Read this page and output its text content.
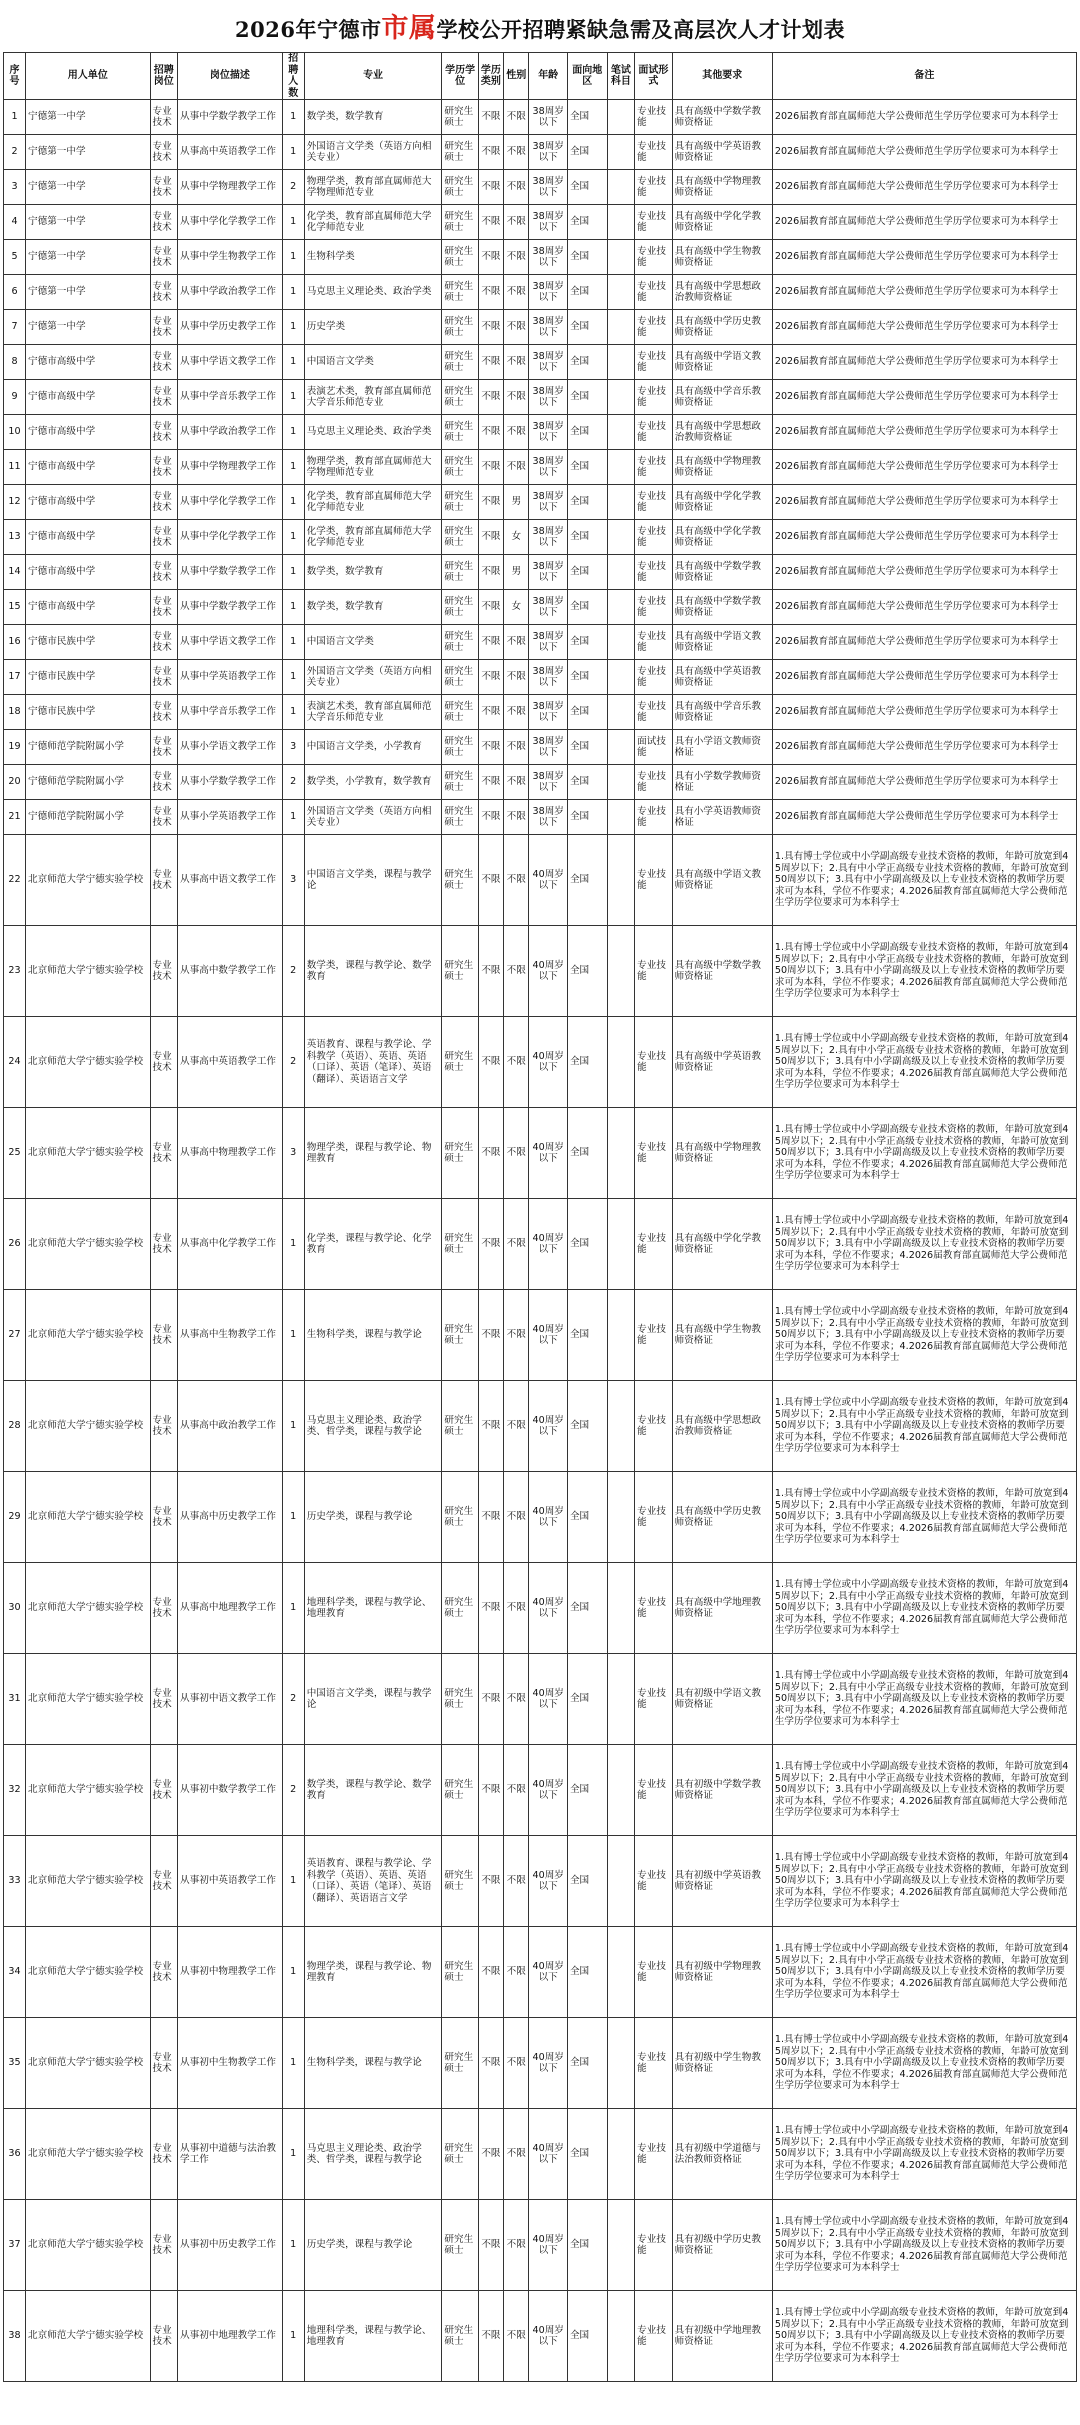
2026年宁德市市属学校公开招聘紧缺急需及高层次人才计划表
序号	用人单位	招聘岗位	岗位描述	招聘人数	专业	学历学位	学历类别	性别	年龄	面向地区	笔试科目	面试形式	其他要求	备注
1	宁德第一中学	专业技术	从事中学数学教学工作	1	数学类，数学教育	研究生硕士	不限	不限	38周岁以下	全国		专业技能	具有高级中学数学教师资格证	2026届教育部直属师范大学公费师范生学历学位要求可为本科学士
2	宁德第一中学	专业技术	从事高中英语教学工作	1	外国语言文学类（英语方向相关专业）	研究生硕士	不限	不限	38周岁以下	全国		专业技能	具有高级中学英语教师资格证	2026届教育部直属师范大学公费师范生学历学位要求可为本科学士
3	宁德第一中学	专业技术	从事中学物理教学工作	2	物理学类，教育部直属师范大学物理师范专业	研究生硕士	不限	不限	38周岁以下	全国		专业技能	具有高级中学物理教师资格证	2026届教育部直属师范大学公费师范生学历学位要求可为本科学士
4	宁德第一中学	专业技术	从事中学化学教学工作	1	化学类，教育部直属师范大学化学师范专业	研究生硕士	不限	不限	38周岁以下	全国		专业技能	具有高级中学化学教师资格证	2026届教育部直属师范大学公费师范生学历学位要求可为本科学士
5	宁德第一中学	专业技术	从事中学生物教学工作	1	生物科学类	研究生硕士	不限	不限	38周岁以下	全国		专业技能	具有高级中学生物教师资格证	2026届教育部直属师范大学公费师范生学历学位要求可为本科学士
6	宁德第一中学	专业技术	从事中学政治教学工作	1	马克思主义理论类、政治学类	研究生硕士	不限	不限	38周岁以下	全国		专业技能	具有高级中学思想政治教师资格证	2026届教育部直属师范大学公费师范生学历学位要求可为本科学士
7	宁德第一中学	专业技术	从事中学历史教学工作	1	历史学类	研究生硕士	不限	不限	38周岁以下	全国		专业技能	具有高级中学历史教师资格证	2026届教育部直属师范大学公费师范生学历学位要求可为本科学士
8	宁德市高级中学	专业技术	从事中学语文教学工作	1	中国语言文学类	研究生硕士	不限	不限	38周岁以下	全国		专业技能	具有高级中学语文教师资格证	2026届教育部直属师范大学公费师范生学历学位要求可为本科学士
9	宁德市高级中学	专业技术	从事中学音乐教学工作	1	表演艺术类，教育部直属师范大学音乐师范专业	研究生硕士	不限	不限	38周岁以下	全国		专业技能	具有高级中学音乐教师资格证	2026届教育部直属师范大学公费师范生学历学位要求可为本科学士
10	宁德市高级中学	专业技术	从事中学政治教学工作	1	马克思主义理论类、政治学类	研究生硕士	不限	不限	38周岁以下	全国		专业技能	具有高级中学思想政治教师资格证	2026届教育部直属师范大学公费师范生学历学位要求可为本科学士
11	宁德市高级中学	专业技术	从事中学物理教学工作	1	物理学类，教育部直属师范大学物理师范专业	研究生硕士	不限	不限	38周岁以下	全国		专业技能	具有高级中学物理教师资格证	2026届教育部直属师范大学公费师范生学历学位要求可为本科学士
12	宁德市高级中学	专业技术	从事中学化学教学工作	1	化学类，教育部直属师范大学化学师范专业	研究生硕士	不限	男	38周岁以下	全国		专业技能	具有高级中学化学教师资格证	2026届教育部直属师范大学公费师范生学历学位要求可为本科学士
13	宁德市高级中学	专业技术	从事中学化学教学工作	1	化学类，教育部直属师范大学化学师范专业	研究生硕士	不限	女	38周岁以下	全国		专业技能	具有高级中学化学教师资格证	2026届教育部直属师范大学公费师范生学历学位要求可为本科学士
14	宁德市高级中学	专业技术	从事中学数学教学工作	1	数学类，数学教育	研究生硕士	不限	男	38周岁以下	全国		专业技能	具有高级中学数学教师资格证	2026届教育部直属师范大学公费师范生学历学位要求可为本科学士
15	宁德市高级中学	专业技术	从事中学数学教学工作	1	数学类，数学教育	研究生硕士	不限	女	38周岁以下	全国		专业技能	具有高级中学数学教师资格证	2026届教育部直属师范大学公费师范生学历学位要求可为本科学士
16	宁德市民族中学	专业技术	从事中学语文教学工作	1	中国语言文学类	研究生硕士	不限	不限	38周岁以下	全国		专业技能	具有高级中学语文教师资格证	2026届教育部直属师范大学公费师范生学历学位要求可为本科学士
17	宁德市民族中学	专业技术	从事中学英语教学工作	1	外国语言文学类（英语方向相关专业）	研究生硕士	不限	不限	38周岁以下	全国		专业技能	具有高级中学英语教师资格证	2026届教育部直属师范大学公费师范生学历学位要求可为本科学士
18	宁德市民族中学	专业技术	从事中学音乐教学工作	1	表演艺术类，教育部直属师范大学音乐师范专业	研究生硕士	不限	不限	38周岁以下	全国		专业技能	具有高级中学音乐教师资格证	2026届教育部直属师范大学公费师范生学历学位要求可为本科学士
19	宁德师范学院附属小学	专业技术	从事小学语文教学工作	3	中国语言文学类，小学教育	研究生硕士	不限	不限	38周岁以下	全国		面试技能	具有小学语文教师资格证	2026届教育部直属师范大学公费师范生学历学位要求可为本科学士
20	宁德师范学院附属小学	专业技术	从事小学数学教学工作	2	数学类，小学教育，数学教育	研究生硕士	不限	不限	38周岁以下	全国		专业技能	具有小学数学教师资格证	2026届教育部直属师范大学公费师范生学历学位要求可为本科学士
21	宁德师范学院附属小学	专业技术	从事小学英语教学工作	1	外国语言文学类（英语方向相关专业）	研究生硕士	不限	不限	38周岁以下	全国		专业技能	具有小学英语教师资格证	2026届教育部直属师范大学公费师范生学历学位要求可为本科学士
22	北京师范大学宁德实验学校	专业技术	从事高中语文教学工作	3	中国语言文学类，课程与教学论	研究生硕士	不限	不限	40周岁以下	全国		专业技能	具有高级中学语文教师资格证	1.具有博士学位或中小学副高级专业技术资格的教师，年龄可放宽到45周岁以下；2.具有中小学正高级专业技术资格的教师，年龄可放宽到50周岁以下；3.具有中小学副高级及以上专业技术资格的教师学历要求可为本科，学位不作要求；4.2026届教育部直属师范大学公费师范生学历学位要求可为本科学士
23	北京师范大学宁德实验学校	专业技术	从事高中数学教学工作	2	数学类，课程与教学论、数学教育	研究生硕士	不限	不限	40周岁以下	全国		专业技能	具有高级中学数学教师资格证	1.具有博士学位或中小学副高级专业技术资格的教师，年龄可放宽到45周岁以下；2.具有中小学正高级专业技术资格的教师，年龄可放宽到50周岁以下；3.具有中小学副高级及以上专业技术资格的教师学历要求可为本科，学位不作要求；4.2026届教育部直属师范大学公费师范生学历学位要求可为本科学士
24	北京师范大学宁德实验学校	专业技术	从事高中英语教学工作	2	英语教育、课程与教学论、学科教学（英语）、英语、英语（口译）、英语（笔译）、英语（翻译）、英语语言文学	研究生硕士	不限	不限	40周岁以下	全国		专业技能	具有高级中学英语教师资格证	1.具有博士学位或中小学副高级专业技术资格的教师，年龄可放宽到45周岁以下；2.具有中小学正高级专业技术资格的教师，年龄可放宽到50周岁以下；3.具有中小学副高级及以上专业技术资格的教师学历要求可为本科，学位不作要求；4.2026届教育部直属师范大学公费师范生学历学位要求可为本科学士
25	北京师范大学宁德实验学校	专业技术	从事高中物理教学工作	3	物理学类，课程与教学论、物理教育	研究生硕士	不限	不限	40周岁以下	全国		专业技能	具有高级中学物理教师资格证	1.具有博士学位或中小学副高级专业技术资格的教师，年龄可放宽到45周岁以下；2.具有中小学正高级专业技术资格的教师，年龄可放宽到50周岁以下；3.具有中小学副高级及以上专业技术资格的教师学历要求可为本科，学位不作要求；4.2026届教育部直属师范大学公费师范生学历学位要求可为本科学士
26	北京师范大学宁德实验学校	专业技术	从事高中化学教学工作	1	化学类，课程与教学论、化学教育	研究生硕士	不限	不限	40周岁以下	全国		专业技能	具有高级中学化学教师资格证	1.具有博士学位或中小学副高级专业技术资格的教师，年龄可放宽到45周岁以下；2.具有中小学正高级专业技术资格的教师，年龄可放宽到50周岁以下；3.具有中小学副高级及以上专业技术资格的教师学历要求可为本科，学位不作要求；4.2026届教育部直属师范大学公费师范生学历学位要求可为本科学士
27	北京师范大学宁德实验学校	专业技术	从事高中生物教学工作	1	生物科学类，课程与教学论	研究生硕士	不限	不限	40周岁以下	全国		专业技能	具有高级中学生物教师资格证	1.具有博士学位或中小学副高级专业技术资格的教师，年龄可放宽到45周岁以下；2.具有中小学正高级专业技术资格的教师，年龄可放宽到50周岁以下；3.具有中小学副高级及以上专业技术资格的教师学历要求可为本科，学位不作要求；4.2026届教育部直属师范大学公费师范生学历学位要求可为本科学士
28	北京师范大学宁德实验学校	专业技术	从事高中政治教学工作	1	马克思主义理论类、政治学类、哲学类，课程与教学论	研究生硕士	不限	不限	40周岁以下	全国		专业技能	具有高级中学思想政治教师资格证	1.具有博士学位或中小学副高级专业技术资格的教师，年龄可放宽到45周岁以下；2.具有中小学正高级专业技术资格的教师，年龄可放宽到50周岁以下；3.具有中小学副高级及以上专业技术资格的教师学历要求可为本科，学位不作要求；4.2026届教育部直属师范大学公费师范生学历学位要求可为本科学士
29	北京师范大学宁德实验学校	专业技术	从事高中历史教学工作	1	历史学类，课程与教学论	研究生硕士	不限	不限	40周岁以下	全国		专业技能	具有高级中学历史教师资格证	1.具有博士学位或中小学副高级专业技术资格的教师，年龄可放宽到45周岁以下；2.具有中小学正高级专业技术资格的教师，年龄可放宽到50周岁以下；3.具有中小学副高级及以上专业技术资格的教师学历要求可为本科，学位不作要求；4.2026届教育部直属师范大学公费师范生学历学位要求可为本科学士
30	北京师范大学宁德实验学校	专业技术	从事高中地理教学工作	1	地理科学类，课程与教学论、地理教育	研究生硕士	不限	不限	40周岁以下	全国		专业技能	具有高级中学地理教师资格证	1.具有博士学位或中小学副高级专业技术资格的教师，年龄可放宽到45周岁以下；2.具有中小学正高级专业技术资格的教师，年龄可放宽到50周岁以下；3.具有中小学副高级及以上专业技术资格的教师学历要求可为本科，学位不作要求；4.2026届教育部直属师范大学公费师范生学历学位要求可为本科学士
31	北京师范大学宁德实验学校	专业技术	从事初中语文教学工作	2	中国语言文学类，课程与教学论	研究生硕士	不限	不限	40周岁以下	全国		专业技能	具有初级中学语文教师资格证	1.具有博士学位或中小学副高级专业技术资格的教师，年龄可放宽到45周岁以下；2.具有中小学正高级专业技术资格的教师，年龄可放宽到50周岁以下；3.具有中小学副高级及以上专业技术资格的教师学历要求可为本科，学位不作要求；4.2026届教育部直属师范大学公费师范生学历学位要求可为本科学士
32	北京师范大学宁德实验学校	专业技术	从事初中数学教学工作	2	数学类，课程与教学论、数学教育	研究生硕士	不限	不限	40周岁以下	全国		专业技能	具有初级中学数学教师资格证	1.具有博士学位或中小学副高级专业技术资格的教师，年龄可放宽到45周岁以下；2.具有中小学正高级专业技术资格的教师，年龄可放宽到50周岁以下；3.具有中小学副高级及以上专业技术资格的教师学历要求可为本科，学位不作要求；4.2026届教育部直属师范大学公费师范生学历学位要求可为本科学士
33	北京师范大学宁德实验学校	专业技术	从事初中英语教学工作	1	英语教育、课程与教学论、学科教学（英语）、英语、英语（口译）、英语（笔译）、英语（翻译）、英语语言文学	研究生硕士	不限	不限	40周岁以下	全国		专业技能	具有初级中学英语教师资格证	1.具有博士学位或中小学副高级专业技术资格的教师，年龄可放宽到45周岁以下；2.具有中小学正高级专业技术资格的教师，年龄可放宽到50周岁以下；3.具有中小学副高级及以上专业技术资格的教师学历要求可为本科，学位不作要求；4.2026届教育部直属师范大学公费师范生学历学位要求可为本科学士
34	北京师范大学宁德实验学校	专业技术	从事初中物理教学工作	1	物理学类，课程与教学论、物理教育	研究生硕士	不限	不限	40周岁以下	全国		专业技能	具有初级中学物理教师资格证	1.具有博士学位或中小学副高级专业技术资格的教师，年龄可放宽到45周岁以下；2.具有中小学正高级专业技术资格的教师，年龄可放宽到50周岁以下；3.具有中小学副高级及以上专业技术资格的教师学历要求可为本科，学位不作要求；4.2026届教育部直属师范大学公费师范生学历学位要求可为本科学士
35	北京师范大学宁德实验学校	专业技术	从事初中生物教学工作	1	生物科学类，课程与教学论	研究生硕士	不限	不限	40周岁以下	全国		专业技能	具有初级中学生物教师资格证	1.具有博士学位或中小学副高级专业技术资格的教师，年龄可放宽到45周岁以下；2.具有中小学正高级专业技术资格的教师，年龄可放宽到50周岁以下；3.具有中小学副高级及以上专业技术资格的教师学历要求可为本科，学位不作要求；4.2026届教育部直属师范大学公费师范生学历学位要求可为本科学士
36	北京师范大学宁德实验学校	专业技术	从事初中道德与法治教学工作	1	马克思主义理论类、政治学类、哲学类，课程与教学论	研究生硕士	不限	不限	40周岁以下	全国		专业技能	具有初级中学道德与法治教师资格证	1.具有博士学位或中小学副高级专业技术资格的教师，年龄可放宽到45周岁以下；2.具有中小学正高级专业技术资格的教师，年龄可放宽到50周岁以下；3.具有中小学副高级及以上专业技术资格的教师学历要求可为本科，学位不作要求；4.2026届教育部直属师范大学公费师范生学历学位要求可为本科学士
37	北京师范大学宁德实验学校	专业技术	从事初中历史教学工作	1	历史学类，课程与教学论	研究生硕士	不限	不限	40周岁以下	全国		专业技能	具有初级中学历史教师资格证	1.具有博士学位或中小学副高级专业技术资格的教师，年龄可放宽到45周岁以下；2.具有中小学正高级专业技术资格的教师，年龄可放宽到50周岁以下；3.具有中小学副高级及以上专业技术资格的教师学历要求可为本科，学位不作要求；4.2026届教育部直属师范大学公费师范生学历学位要求可为本科学士
38	北京师范大学宁德实验学校	专业技术	从事初中地理教学工作	1	地理科学类，课程与教学论、地理教育	研究生硕士	不限	不限	40周岁以下	全国		专业技能	具有初级中学地理教师资格证	1.具有博士学位或中小学副高级专业技术资格的教师，年龄可放宽到45周岁以下；2.具有中小学正高级专业技术资格的教师，年龄可放宽到50周岁以下；3.具有中小学副高级及以上专业技术资格的教师学历要求可为本科，学位不作要求；4.2026届教育部直属师范大学公费师范生学历学位要求可为本科学士
